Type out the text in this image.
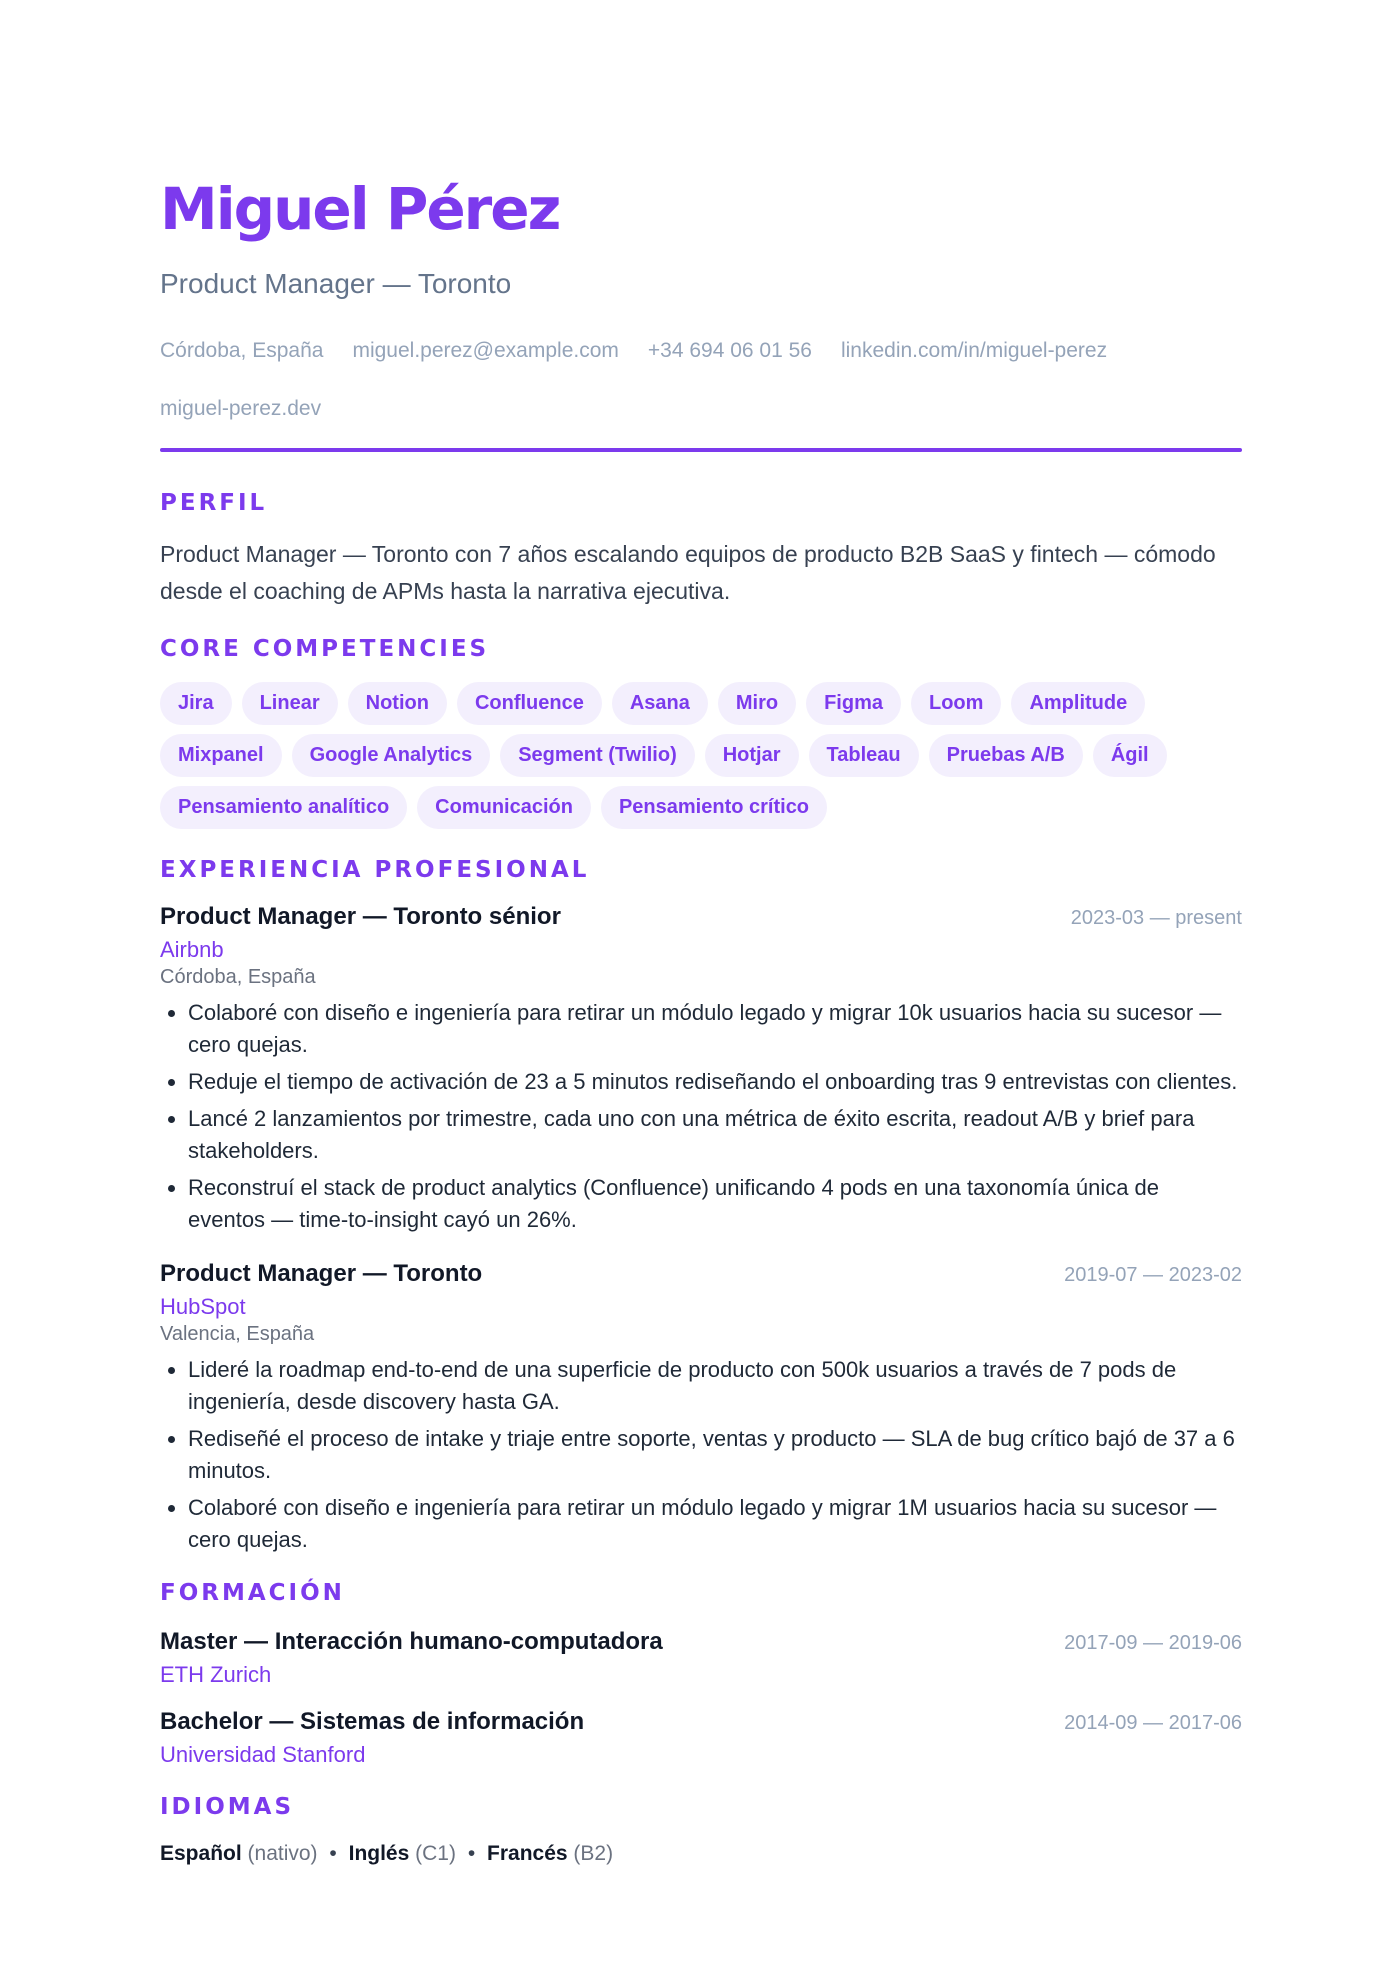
Miguel Pérez
Product Manager — Toronto
Córdoba, España miguel.perez@example.com +34 694 06 01 56 linkedin.com/in/miguel-perez
miguel-perez.dev
PERFIL

Product Manager — Toronto con 7 años escalando equipos de producto B2B SaaS y fintech — cómodo desde el coaching de APMs hasta la narrativa ejecutiva.

CORE COMPETENCIES
Jira	Linear	Notion	Confluence	Asana	Miro	Figma	Loom	Amplitude
Mixpanel	Google Analytics	Segment (Twilio)	Hotjar	Tableau	Pruebas A/B	Ágil
Pensamiento analítico	Comunicación	Pensamiento crítico
EXPERIENCIA PROFESIONAL
Product Manager — Toronto sénior	2023-03 — present
Airbnb
Córdoba, España
• Colaboré con diseño e ingeniería para retirar un módulo legado y migrar 10k usuarios hacia su sucesor — cero quejas.
• Reduje el tiempo de activación de 23 a 5 minutos rediseñando el onboarding tras 9 entrevistas con clientes.
• Lancé 2 lanzamientos por trimestre, cada uno con una métrica de éxito escrita, readout A/B y brief para stakeholders.
• Reconstruí el stack de product analytics (Confluence) unificando 4 pods en una taxonomía única de eventos — time-to-insight cayó un 26%.
Product Manager — Toronto	2019-07 — 2023-02
HubSpot
Valencia, España
• Lideré la roadmap end-to-end de una superficie de producto con 500k usuarios a través de 7 pods de ingeniería, desde discovery hasta GA.
• Rediseñé el proceso de intake y triaje entre soporte, ventas y producto — SLA de bug crítico bajó de 37 a 6 minutos.
• Colaboré con diseño e ingeniería para retirar un módulo legado y migrar 1M usuarios hacia su sucesor — cero quejas.
FORMACIÓN
Master — Interacción humano-computadora	2017-09 — 2019-06
ETH Zurich
Bachelor — Sistemas de información	2014-09 — 2017-06
Universidad Stanford
IDIOMAS
Español (nativo) • Inglés (C1) • Francés (B2)
